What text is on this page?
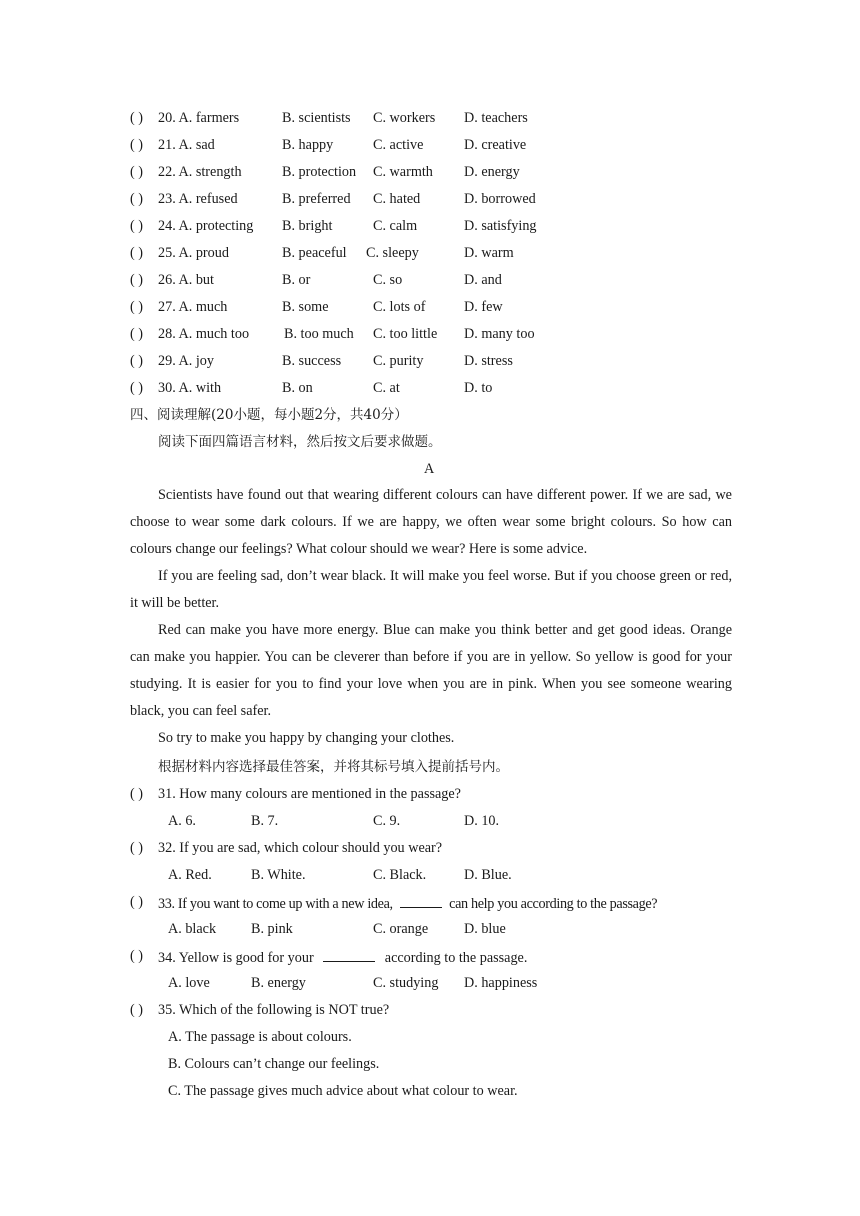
( ) 20. A. farmers	B. scientists C. workers D. teachers
( ) 21. A. sad	B. happy	C. active	D. creative
( ) 22. A. strength	B. protection C. warmth D. energy
( ) 23. A. refused	B. preferred C. hated	D. borrowed
( ) 24. A. protecting B. bright	C. calm	D. satisfying
( ) 25. A. proud	B. peaceful C. sleepy	D. warm
( ) 26. A. but	B. or	C. so	D. and
( ) 27. A. much	B. some	C. lots of	D. few
( ) 28. A. much too B. too much C. too little D. many too
( ) 29. A. joy	B. success C. purity	D. stress
( ) 30. A. with	B. on	C. at	D. to
四、阅读理解(20小题，每小题2分，共40分）
阅读下面四篇语言材料，然后按文后要求做题。
A
Scientists have found out that wearing different colours can have different power. If we are sad, we choose to wear some dark colours. If we are happy, we often wear some bright colours. So how can colours change our feelings? What colour should we wear? Here is some advice.
If you are feeling sad, don’t wear black. It will make you feel worse. But if you choose green or red, it will be better.
Red can make you have more energy. Blue can make you think better and get good ideas. Orange can make you happier. You can be cleverer than before if you are in yellow. So yellow is good for your studying. It is easier for you to find your love when you are in pink. When you see someone wearing black, you can feel safer.
So try to make you happy by changing your clothes.
根据材料内容选择最佳答案，并将其标号填入提前括号内。
( ) 31. How many colours are mentioned in the passage?
A. 6.	B. 7.	C. 9.	D. 10.
( ) 32. If you are sad, which colour should you wear?
A. Red.	B. White.	C. Black.	D. Blue.
( ) 33. If you want to come up with a new idea,	can help you according to the passage?
A. black B. pink	C. orange	D. blue
( ) 34. Yellow is good for your	according to the passage.
A. love	B. energy	C. studying D. happiness
( ) 35. Which of the following is NOT true?
A. The passage is about colours.
B. Colours can’t change our feelings.
C. The passage gives much advice about what colour to wear.
